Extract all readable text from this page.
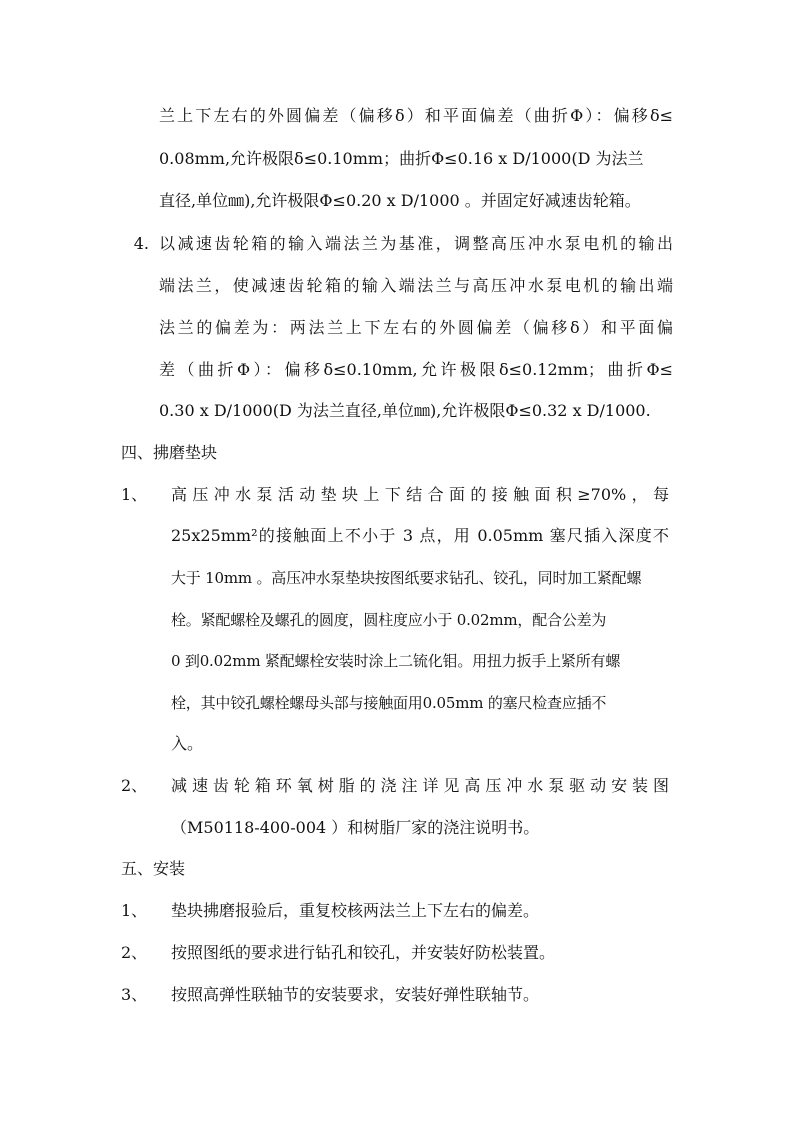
兰上下左右的外圆偏差（偏移δ）和平面偏差（曲折Φ）：偏移δ≤
0.08mm,允许极限δ≤0.10mm；曲折Φ≤0.16 x D/1000(D 为法兰
直径,单位㎜),允许极限Φ≤0.20 x D/1000 。并固定好减速齿轮箱。
4. 以减速齿轮箱的输入端法兰为基准，调整高压冲水泵电机的输出
端法兰，使减速齿轮箱的输入端法兰与高压冲水泵电机的输出端
法兰的偏差为：两法兰上下左右的外圆偏差（偏移δ）和平面偏
差（曲折Φ）：偏移δ≤0.10mm,允许极限δ≤0.12mm；曲折Φ≤
0.30 x D/1000(D 为法兰直径,单位㎜),允许极限Φ≤0.32 x D/1000.
四、拂磨垫块
1、 高压冲水泵活动垫块上下结合面的接触面积≥70%，每
25x25mm²的接触面上不小于 3 点，用 0.05mm 塞尺插入深度不
大于 10mm 。高压冲水泵垫块按图纸要求钻孔、铰孔，同时加工紧配螺
栓。紧配螺栓及螺孔的圆度，圆柱度应小于 0.02mm，配合公差为
0 到0.02mm 紧配螺栓安装时涂上二锍化钼。用扭力扳手上紧所有螺
栓，其中铰孔螺栓螺母头部与接触面用0.05mm 的塞尺检查应插不
入。
2、 减速齿轮箱环氧树脂的浇注详见高压冲水泵驱动安装图
（M50118-400-004 ）和树脂厂家的浇注说明书。
五、安装
1、 垫块拂磨报验后，重复校核两法兰上下左右的偏差。
2、 按照图纸的要求进行钻孔和铰孔，并安装好防松装置。
3、 按照高弹性联轴节的安装要求，安装好弹性联轴节。
